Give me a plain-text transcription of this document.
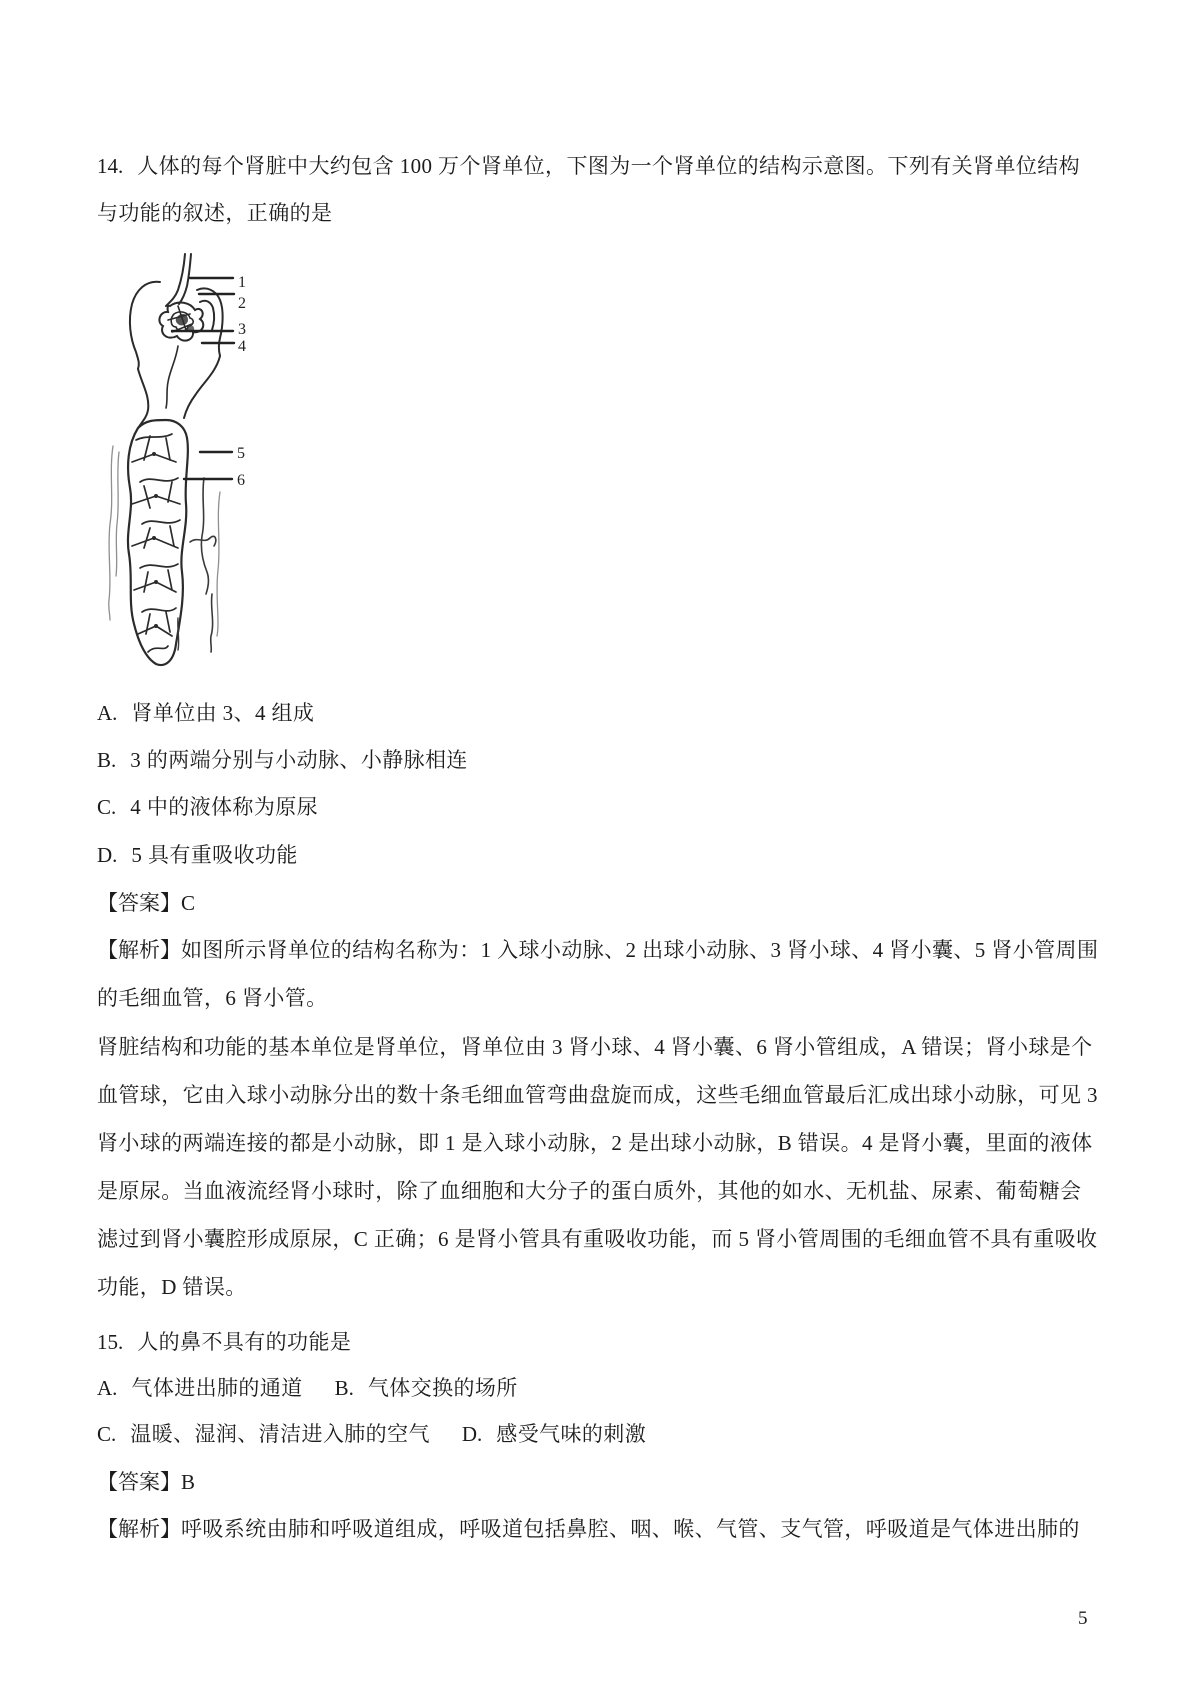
14. 人体的每个肾脏中大约包含 100 万个肾单位，下图为一个肾单位的结构示意图。下列有关肾单位结构
与功能的叙述，正确的是
1
2
3
4
5
6
A. 肾单位由 3、4 组成
B. 3 的两端分别与小动脉、小静脉相连
C. 4 中的液体称为原尿
D. 5 具有重吸收功能
【答案】C
【解析】如图所示肾单位的结构名称为：1 入球小动脉、2 出球小动脉、3 肾小球、4 肾小囊、5 肾小管周围
的毛细血管，6 肾小管。
肾脏结构和功能的基本单位是肾单位，肾单位由 3 肾小球、4 肾小囊、6 肾小管组成，A 错误；肾小球是个
血管球，它由入球小动脉分出的数十条毛细血管弯曲盘旋而成，这些毛细血管最后汇成出球小动脉，可见 3
肾小球的两端连接的都是小动脉，即 1 是入球小动脉，2 是出球小动脉，B 错误。4 是肾小囊，里面的液体
是原尿。当血液流经肾小球时，除了血细胞和大分子的蛋白质外，其他的如水、无机盐、尿素、葡萄糖会
滤过到肾小囊腔形成原尿，C 正确；6 是肾小管具有重吸收功能，而 5 肾小管周围的毛细血管不具有重吸收
功能，D 错误。
15. 人的鼻不具有的功能是
A. 气体进出肺的通道 B. 气体交换的场所
C. 温暖、湿润、清洁进入肺的空气 D. 感受气味的刺激
【答案】B
【解析】呼吸系统由肺和呼吸道组成，呼吸道包括鼻腔、咽、喉、气管、支气管，呼吸道是气体进出肺的
5
